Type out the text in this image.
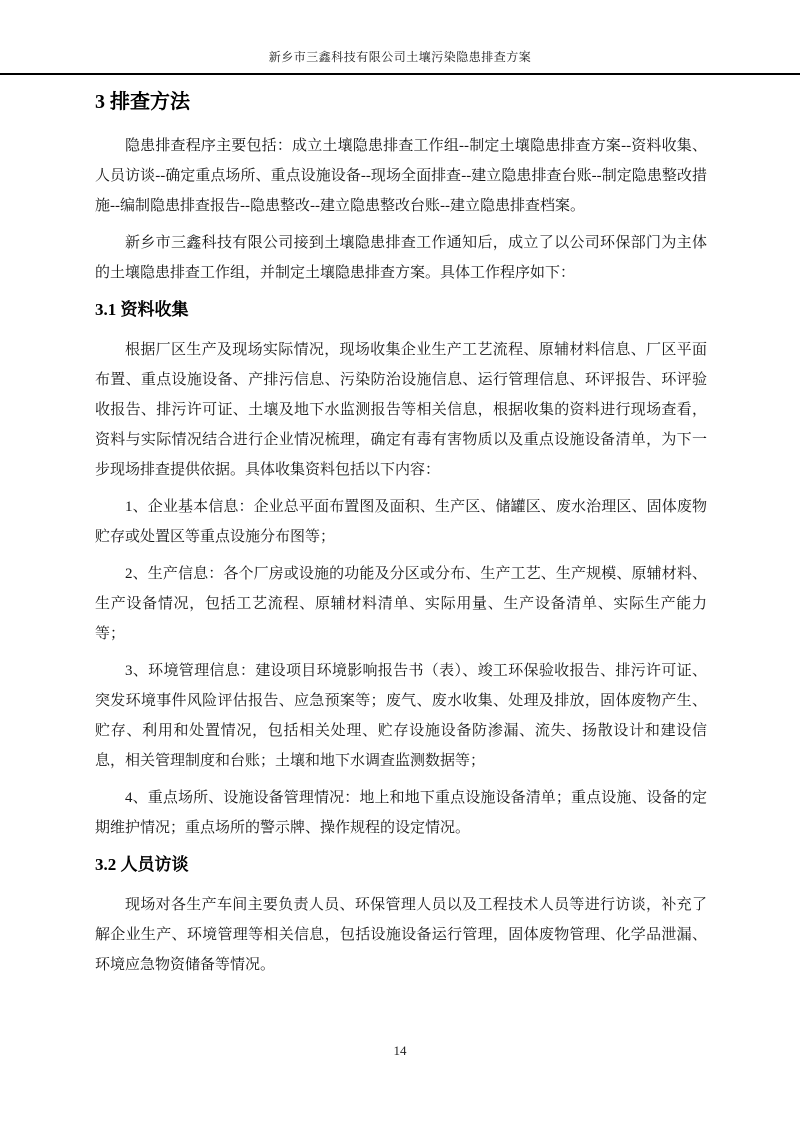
新乡市三鑫科技有限公司土壤污染隐患排查方案
3 排查方法

隐患排查程序主要包括：成立土壤隐患排查工作组--制定土壤隐患排查方案--资料收集、人员访谈--确定重点场所、重点设施设备--现场全面排查--建立隐患排查台账--制定隐患整改措施--编制隐患排查报告--隐患整改--建立隐患整改台账--建立隐患排查档案。

新乡市三鑫科技有限公司接到土壤隐患排查工作通知后，成立了以公司环保部门为主体的土壤隐患排查工作组，并制定土壤隐患排查方案。具体工作程序如下：

3.1 资料收集

根据厂区生产及现场实际情况，现场收集企业生产工艺流程、原辅材料信息、厂区平面布置、重点设施设备、产排污信息、污染防治设施信息、运行管理信息、环评报告、环评验收报告、排污许可证、土壤及地下水监测报告等相关信息，根据收集的资料进行现场查看，资料与实际情况结合进行企业情况梳理，确定有毒有害物质以及重点设施设备清单，为下一步现场排查提供依据。具体收集资料包括以下内容：

1、企业基本信息：企业总平面布置图及面积、生产区、储罐区、废水治理区、固体废物贮存或处置区等重点设施分布图等；

2、生产信息：各个厂房或设施的功能及分区或分布、生产工艺、生产规模、原辅材料、生产设备情况，包括工艺流程、原辅材料清单、实际用量、生产设备清单、实际生产能力等；

3、环境管理信息：建设项目环境影响报告书（表）、竣工环保验收报告、排污许可证、突发环境事件风险评估报告、应急预案等；废气、废水收集、处理及排放，固体废物产生、贮存、利用和处置情况，包括相关处理、贮存设施设备防渗漏、流失、扬散设计和建设信息，相关管理制度和台账；土壤和地下水调查监测数据等；

4、重点场所、设施设备管理情况：地上和地下重点设施设备清单；重点设施、设备的定期维护情况；重点场所的警示牌、操作规程的设定情况。

3.2 人员访谈

现场对各生产车间主要负责人员、环保管理人员以及工程技术人员等进行访谈，补充了解企业生产、环境管理等相关信息，包括设施设备运行管理，固体废物管理、化学品泄漏、环境应急物资储备等情况。

14
